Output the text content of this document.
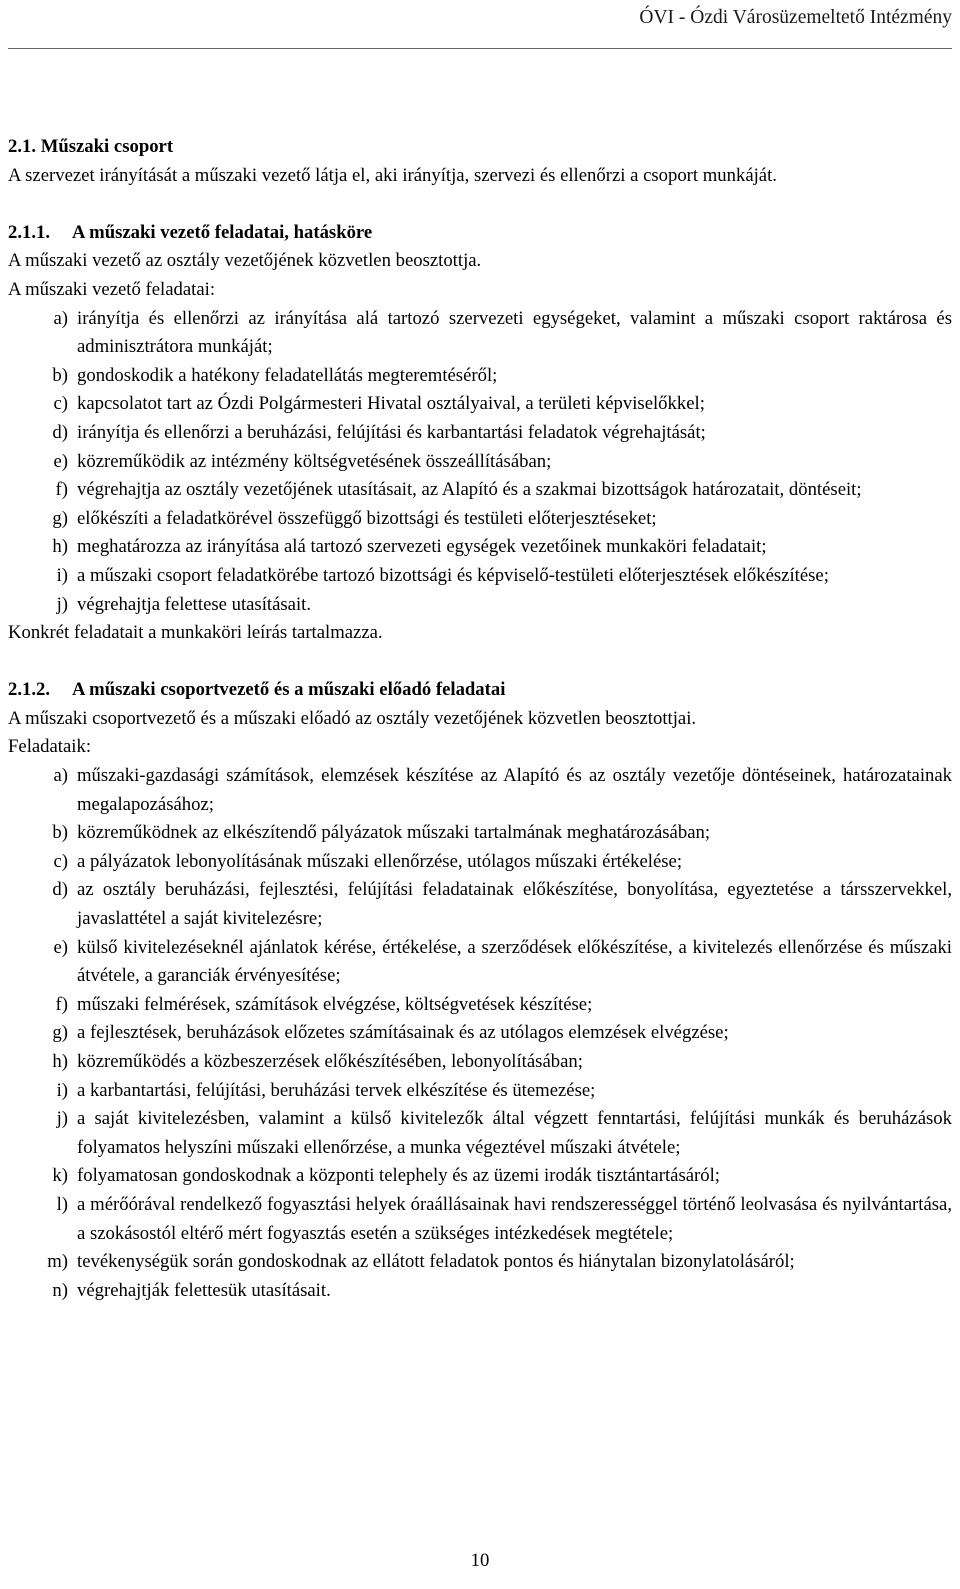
ÓVI - Ózdi Városüzemeltető Intézmény

2.1. Műszaki csoport

A szervezet irányítását a műszaki vezető látja el, aki irányítja, szervezi és ellenőrzi a csoport munkáját.

2.1.1.	A műszaki vezető feladatai, hatásköre

A műszaki vezető az osztály vezetőjének közvetlen beosztottja.

A műszaki vezető feladatai:

a) irányítja és ellenőrzi az irányítása alá tartozó szervezeti egységeket, valamint a műszaki csoport raktárosa és adminisztrátora munkáját;
b) gondoskodik a hatékony feladatellátás megteremtéséről;
c) kapcsolatot tart az Ózdi Polgármesteri Hivatal osztályaival, a területi képviselőkkel;
d) irányítja és ellenőrzi a beruházási, felújítási és karbantartási feladatok végrehajtását;
e) közreműködik az intézmény költségvetésének összeállításában;
f) végrehajtja az osztály vezetőjének utasításait, az Alapító és a szakmai bizottságok határozatait, döntéseit;
g) előkészíti a feladatkörével összefüggő bizottsági és testületi előterjesztéseket;
h) meghatározza az irányítása alá tartozó szervezeti egységek vezetőinek munkaköri feladatait;
i) a műszaki csoport feladatkörébe tartozó bizottsági és képviselő-testületi előterjesztések előkészítése;
j) végrehajtja felettese utasításait.

Konkrét feladatait a munkaköri leírás tartalmazza.

2.1.2.	A műszaki csoportvezető és a műszaki előadó feladatai

A műszaki csoportvezető és a műszaki előadó az osztály vezetőjének közvetlen beosztottjai.

Feladataik:

a) műszaki-gazdasági számítások, elemzések készítése az Alapító és az osztály vezetője döntéseinek, határozatainak megalapozásához;
b) közreműködnek az elkészítendő pályázatok műszaki tartalmának meghatározásában;
c) a pályázatok lebonyolításának műszaki ellenőrzése, utólagos műszaki értékelése;
d) az osztály beruházási, fejlesztési, felújítási feladatainak előkészítése, bonyolítása, egyeztetése a társszervekkel, javaslattétel a saját kivitelezésre;
e) külső kivitelezéseknél ajánlatok kérése, értékelése, a szerződések előkészítése, a kivitelezés ellenőrzése és műszaki átvétele, a garanciák érvényesítése;
f) műszaki felmérések, számítások elvégzése, költségvetések készítése;
g) a fejlesztések, beruházások előzetes számításainak és az utólagos elemzések elvégzése;
h) közreműködés a közbeszerzések előkészítésében, lebonyolításában;
i) a karbantartási, felújítási, beruházási tervek elkészítése és ütemezése;
j) a saját kivitelezésben, valamint a külső kivitelezők által végzett fenntartási, felújítási munkák és beruházások folyamatos helyszíni műszaki ellenőrzése, a munka végeztével műszaki átvétele;
k) folyamatosan gondoskodnak a központi telephely és az üzemi irodák tisztántartásáról;
l) a mérőórával rendelkező fogyasztási helyek óraállásainak havi rendszerességgel történő leolvasása és nyilvántartása, a szokásostól eltérő mért fogyasztás esetén a szükséges intézkedések megtétele;
m) tevékenységük során gondoskodnak az ellátott feladatok pontos és hiánytalan bizonylatolásáról;
n) végrehajtják felettesük utasításait.
10
